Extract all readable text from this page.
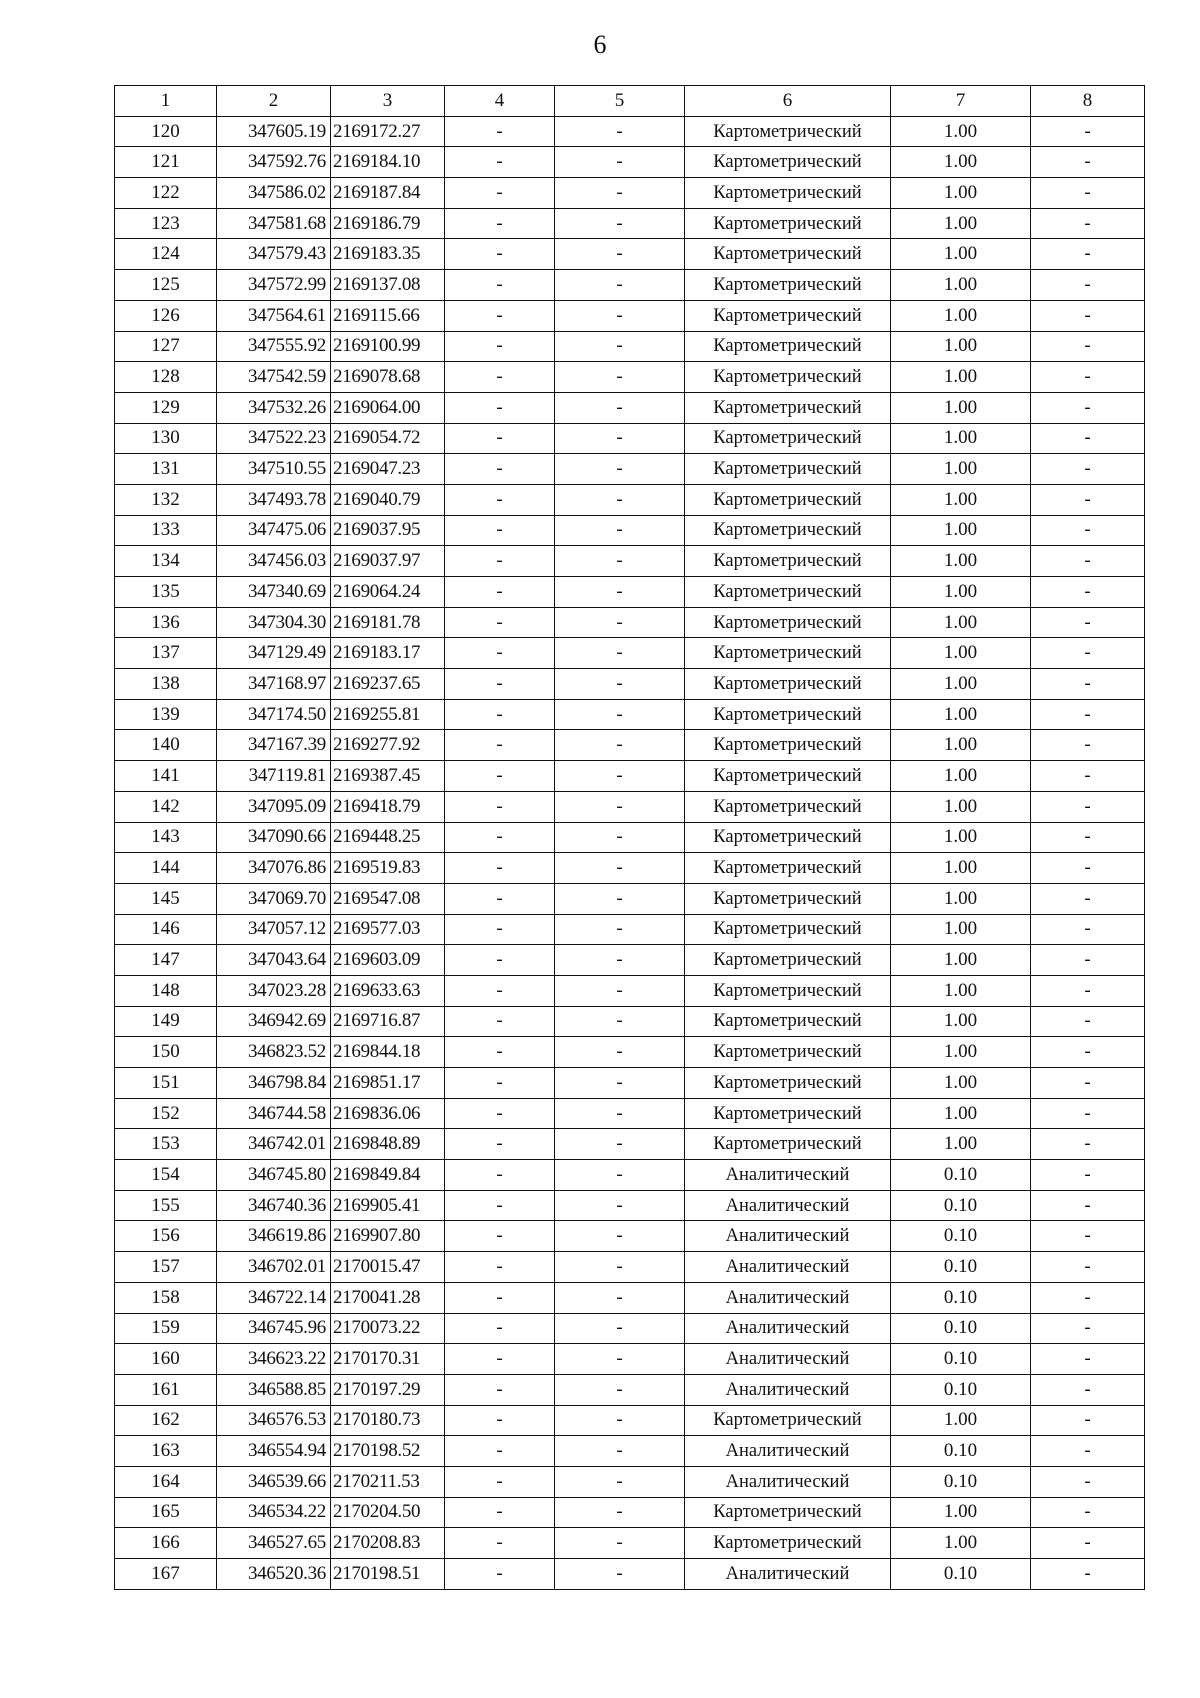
6
1	2	3	4	5	6	7	8
120	347605.19	2169172.27	-	-	Картометрический	1.00	-
121	347592.76	2169184.10	-	-	Картометрический	1.00	-
122	347586.02	2169187.84	-	-	Картометрический	1.00	-
123	347581.68	2169186.79	-	-	Картометрический	1.00	-
124	347579.43	2169183.35	-	-	Картометрический	1.00	-
125	347572.99	2169137.08	-	-	Картометрический	1.00	-
126	347564.61	2169115.66	-	-	Картометрический	1.00	-
127	347555.92	2169100.99	-	-	Картометрический	1.00	-
128	347542.59	2169078.68	-	-	Картометрический	1.00	-
129	347532.26	2169064.00	-	-	Картометрический	1.00	-
130	347522.23	2169054.72	-	-	Картометрический	1.00	-
131	347510.55	2169047.23	-	-	Картометрический	1.00	-
132	347493.78	2169040.79	-	-	Картометрический	1.00	-
133	347475.06	2169037.95	-	-	Картометрический	1.00	-
134	347456.03	2169037.97	-	-	Картометрический	1.00	-
135	347340.69	2169064.24	-	-	Картометрический	1.00	-
136	347304.30	2169181.78	-	-	Картометрический	1.00	-
137	347129.49	2169183.17	-	-	Картометрический	1.00	-
138	347168.97	2169237.65	-	-	Картометрический	1.00	-
139	347174.50	2169255.81	-	-	Картометрический	1.00	-
140	347167.39	2169277.92	-	-	Картометрический	1.00	-
141	347119.81	2169387.45	-	-	Картометрический	1.00	-
142	347095.09	2169418.79	-	-	Картометрический	1.00	-
143	347090.66	2169448.25	-	-	Картометрический	1.00	-
144	347076.86	2169519.83	-	-	Картометрический	1.00	-
145	347069.70	2169547.08	-	-	Картометрический	1.00	-
146	347057.12	2169577.03	-	-	Картометрический	1.00	-
147	347043.64	2169603.09	-	-	Картометрический	1.00	-
148	347023.28	2169633.63	-	-	Картометрический	1.00	-
149	346942.69	2169716.87	-	-	Картометрический	1.00	-
150	346823.52	2169844.18	-	-	Картометрический	1.00	-
151	346798.84	2169851.17	-	-	Картометрический	1.00	-
152	346744.58	2169836.06	-	-	Картометрический	1.00	-
153	346742.01	2169848.89	-	-	Картометрический	1.00	-
154	346745.80	2169849.84	-	-	Аналитический	0.10	-
155	346740.36	2169905.41	-	-	Аналитический	0.10	-
156	346619.86	2169907.80	-	-	Аналитический	0.10	-
157	346702.01	2170015.47	-	-	Аналитический	0.10	-
158	346722.14	2170041.28	-	-	Аналитический	0.10	-
159	346745.96	2170073.22	-	-	Аналитический	0.10	-
160	346623.22	2170170.31	-	-	Аналитический	0.10	-
161	346588.85	2170197.29	-	-	Аналитический	0.10	-
162	346576.53	2170180.73	-	-	Картометрический	1.00	-
163	346554.94	2170198.52	-	-	Аналитический	0.10	-
164	346539.66	2170211.53	-	-	Аналитический	0.10	-
165	346534.22	2170204.50	-	-	Картометрический	1.00	-
166	346527.65	2170208.83	-	-	Картометрический	1.00	-
167	346520.36	2170198.51	-	-	Аналитический	0.10	-
